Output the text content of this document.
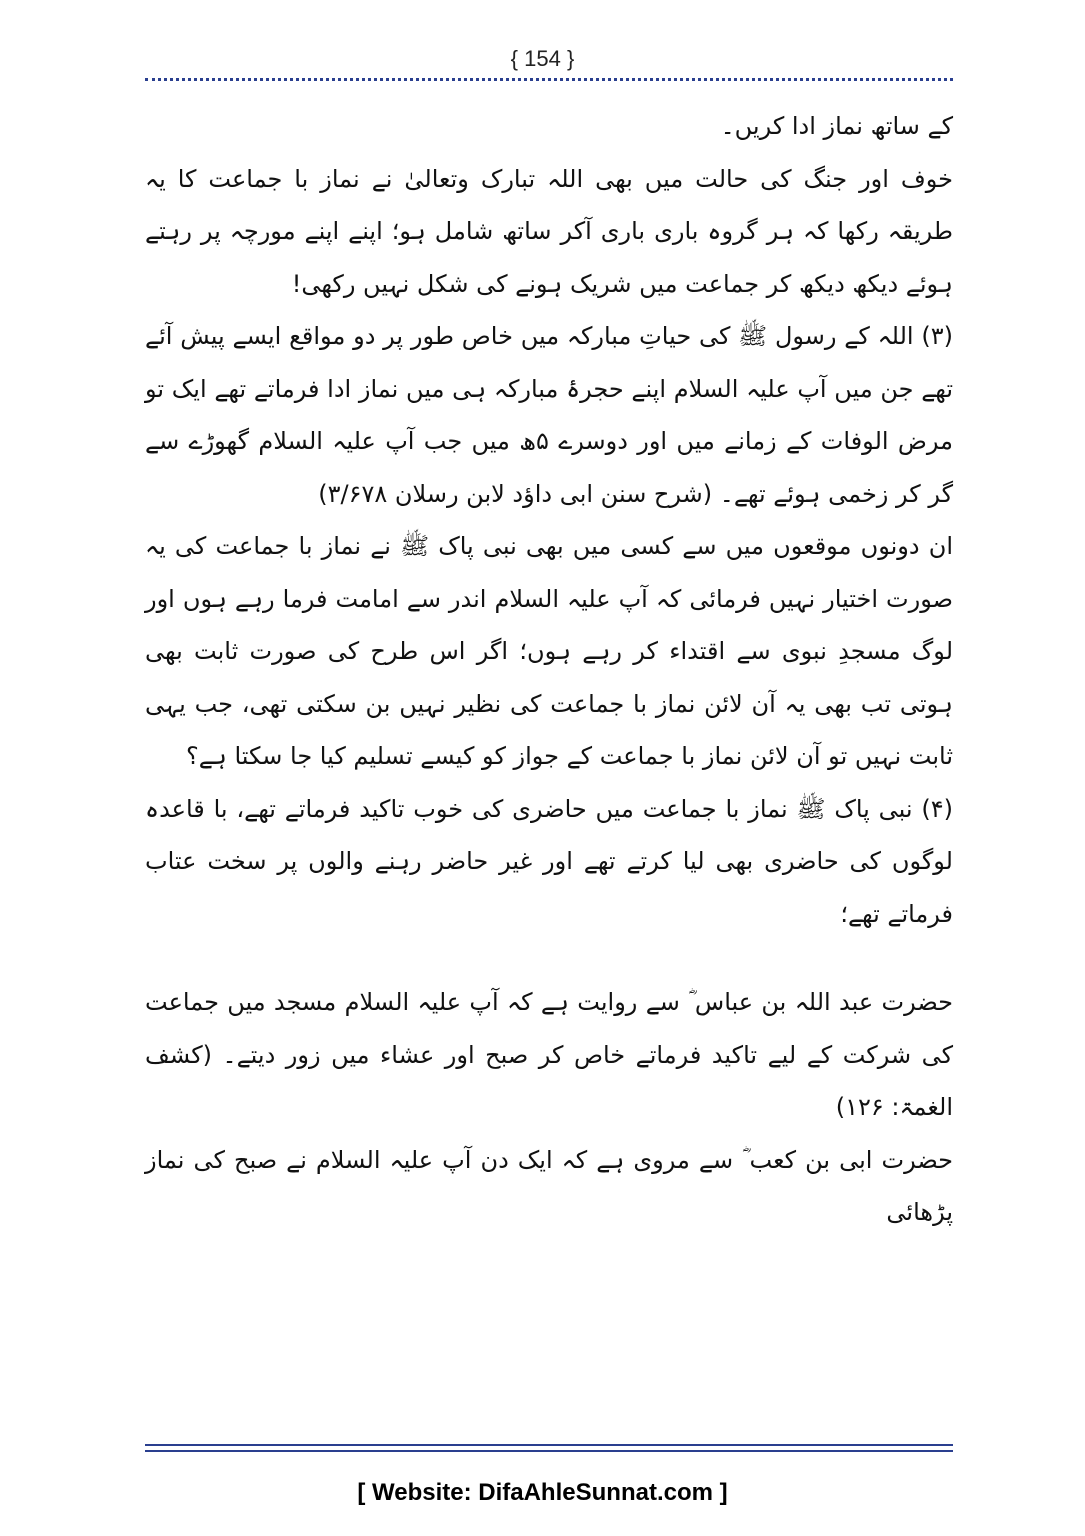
{ 154 }

کے ساتھ نماز ادا کریں۔

خوف اور جنگ کی حالت میں بھی اللہ تبارک وتعالیٰ نے نماز با جماعت کا یہ طریقہ رکھا کہ ہر گروہ باری باری آکر ساتھ شامل ہو؛ اپنے اپنے مورچہ پر رہتے ہوئے دیکھ دیکھ کر جماعت میں شریک ہونے کی شکل نہیں رکھی!

(۳) اللہ کے رسول ﷺ کی حیاتِ مبارکہ میں خاص طور پر دو مواقع ایسے پیش آئے تھے جن میں آپ علیہ السلام اپنے حجرۂ مبارکہ ہی میں نماز ادا فرماتے تھے ایک تو مرض الوفات کے زمانے میں اور دوسرے ۵ھ میں جب آپ علیہ السلام گھوڑے سے گر کر زخمی ہوئے تھے۔ (شرح سنن ابی داؤد لابن رسلان ۳/۶۷۸)

ان دونوں موقعوں میں سے کسی میں بھی نبی پاک ﷺ نے نماز با جماعت کی یہ صورت اختیار نہیں فرمائی کہ آپ علیہ السلام اندر سے امامت فرما رہے ہوں اور لوگ مسجدِ نبوی سے اقتداء کر رہے ہوں؛ اگر اس طرح کی صورت ثابت بھی ہوتی تب بھی یہ آن لائن نماز با جماعت کی نظیر نہیں بن سکتی تھی، جب یہی ثابت نہیں تو آن لائن نماز با جماعت کے جواز کو کیسے تسلیم کیا جا سکتا ہے؟

(۴) نبی پاک ﷺ نماز با جماعت میں حاضری کی خوب تاکید فرماتے تھے، با قاعدہ لوگوں کی حاضری بھی لیا کرتے تھے اور غیر حاضر رہنے والوں پر سخت عتاب فرماتے تھے؛

حضرت عبد اللہ بن عباس ؓ سے روایت ہے کہ آپ علیہ السلام مسجد میں جماعت کی شرکت کے لیے تاکید فرماتے خاص کر صبح اور عشاء میں زور دیتے۔ (کشف الغمۃ: ۱۲۶)

حضرت ابی بن کعب ؓ سے مروی ہے کہ ایک دن آپ علیہ السلام نے صبح کی نماز پڑھائی

[ Website: DifaAhleSunnat.com ]
